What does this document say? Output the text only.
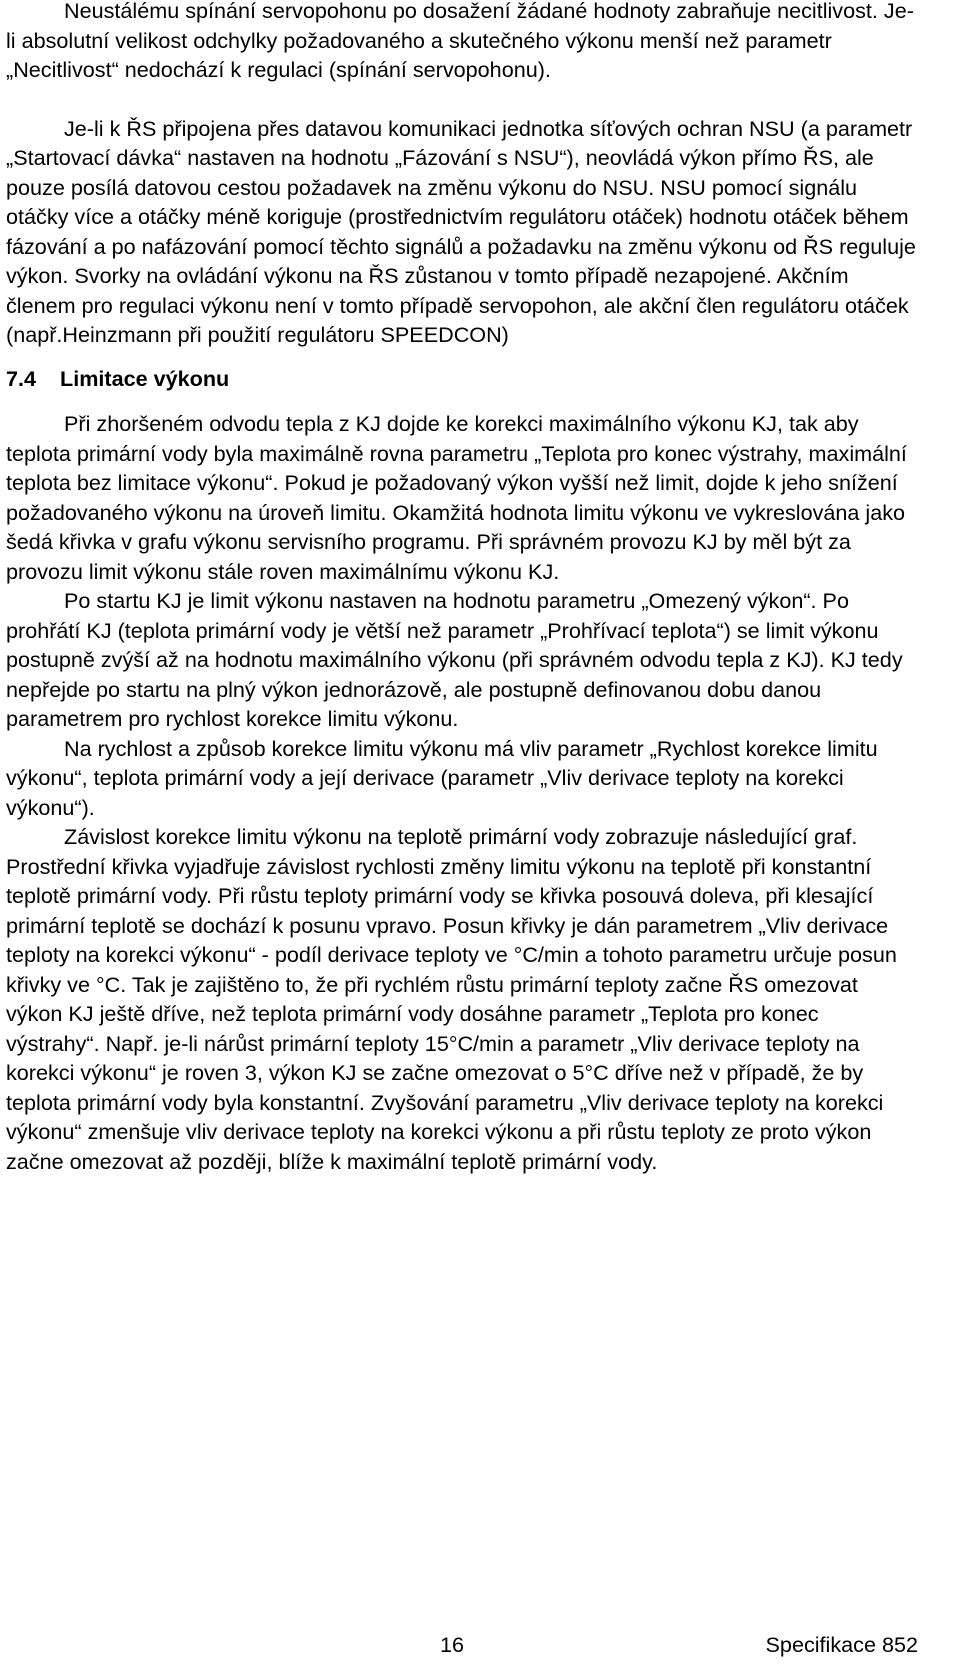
Neustálému spínání servopohonu po dosažení žádané hodnoty zabraňuje necitlivost. Je-li absolutní velikost odchylky požadovaného a skutečného výkonu menší než parametr „Necitlivost“ nedochází k regulaci (spínání servopohonu).

Je-li k ŘS připojena přes datavou komunikaci jednotka síťových ochran NSU (a parametr „Startovací dávka“ nastaven na hodnotu „Fázování s NSU“), neovládá výkon přímo ŘS, ale pouze posílá datovou cestou požadavek na změnu výkonu do NSU. NSU pomocí signálu otáčky více a otáčky méně koriguje (prostřednictvím regulátoru otáček) hodnotu otáček během fázování a po nafázování pomocí těchto signálů a požadavku na změnu výkonu od ŘS reguluje výkon. Svorky na ovládání výkonu na ŘS zůstanou v tomto případě nezapojené. Akčním členem pro regulaci výkonu není v tomto případě servopohon, ale akční člen regulátoru otáček (např.Heinzmann při použití regulátoru SPEEDCON)

7.4 Limitace výkonu

Při zhoršeném odvodu tepla z KJ dojde ke korekci maximálního výkonu KJ, tak aby teplota primární vody byla maximálně rovna parametru „Teplota pro konec výstrahy, maximální teplota bez limitace výkonu“. Pokud je požadovaný výkon vyšší než limit, dojde k jeho snížení požadovaného výkonu na úroveň limitu. Okamžitá hodnota limitu výkonu ve vykreslována jako šedá křivka v grafu výkonu servisního programu. Při správném provozu KJ by měl být za provozu limit výkonu stále roven maximálnímu výkonu KJ.

Po startu KJ je limit výkonu nastaven na hodnotu parametru „Omezený výkon“. Po prohřátí KJ (teplota primární vody je větší než parametr „Prohřívací teplota“) se limit výkonu postupně zvýší až na hodnotu maximálního výkonu (při správném odvodu tepla z KJ). KJ tedy nepřejde po startu na plný výkon jednorázově, ale postupně definovanou dobu danou parametrem pro rychlost korekce limitu výkonu.

Na rychlost a způsob korekce limitu výkonu má vliv parametr „Rychlost korekce limitu výkonu“, teplota primární vody a její derivace (parametr „Vliv derivace teploty na korekci výkonu“).

Závislost korekce limitu výkonu na teplotě primární vody zobrazuje následující graf. Prostřední křivka vyjadřuje závislost rychlosti změny limitu výkonu na teplotě při konstantní teplotě primární vody. Při růstu teploty primární vody se křivka posouvá doleva, při klesající primární teplotě se dochází k posunu vpravo. Posun křivky je dán parametrem „Vliv derivace teploty na korekci výkonu“ - podíl derivace teploty ve °C/min a tohoto parametru určuje posun křivky ve °C. Tak je zajištěno to, že při rychlém růstu primární teploty začne ŘS omezovat výkon KJ ještě dříve, než teplota primární vody dosáhne parametr „Teplota pro konec výstrahy“. Např. je-li nárůst primární teploty 15°C/min a parametr „Vliv derivace teploty na korekci výkonu“ je roven 3, výkon KJ se začne omezovat o 5°C dříve než v případě, že by teplota primární vody byla konstantní. Zvyšování parametru „Vliv derivace teploty na korekci výkonu“ zmenšuje vliv derivace teploty na korekci výkonu a při růstu teploty ze proto výkon začne omezovat až později, blíže k maximální teplotě primární vody.

16	Specifikace 852
